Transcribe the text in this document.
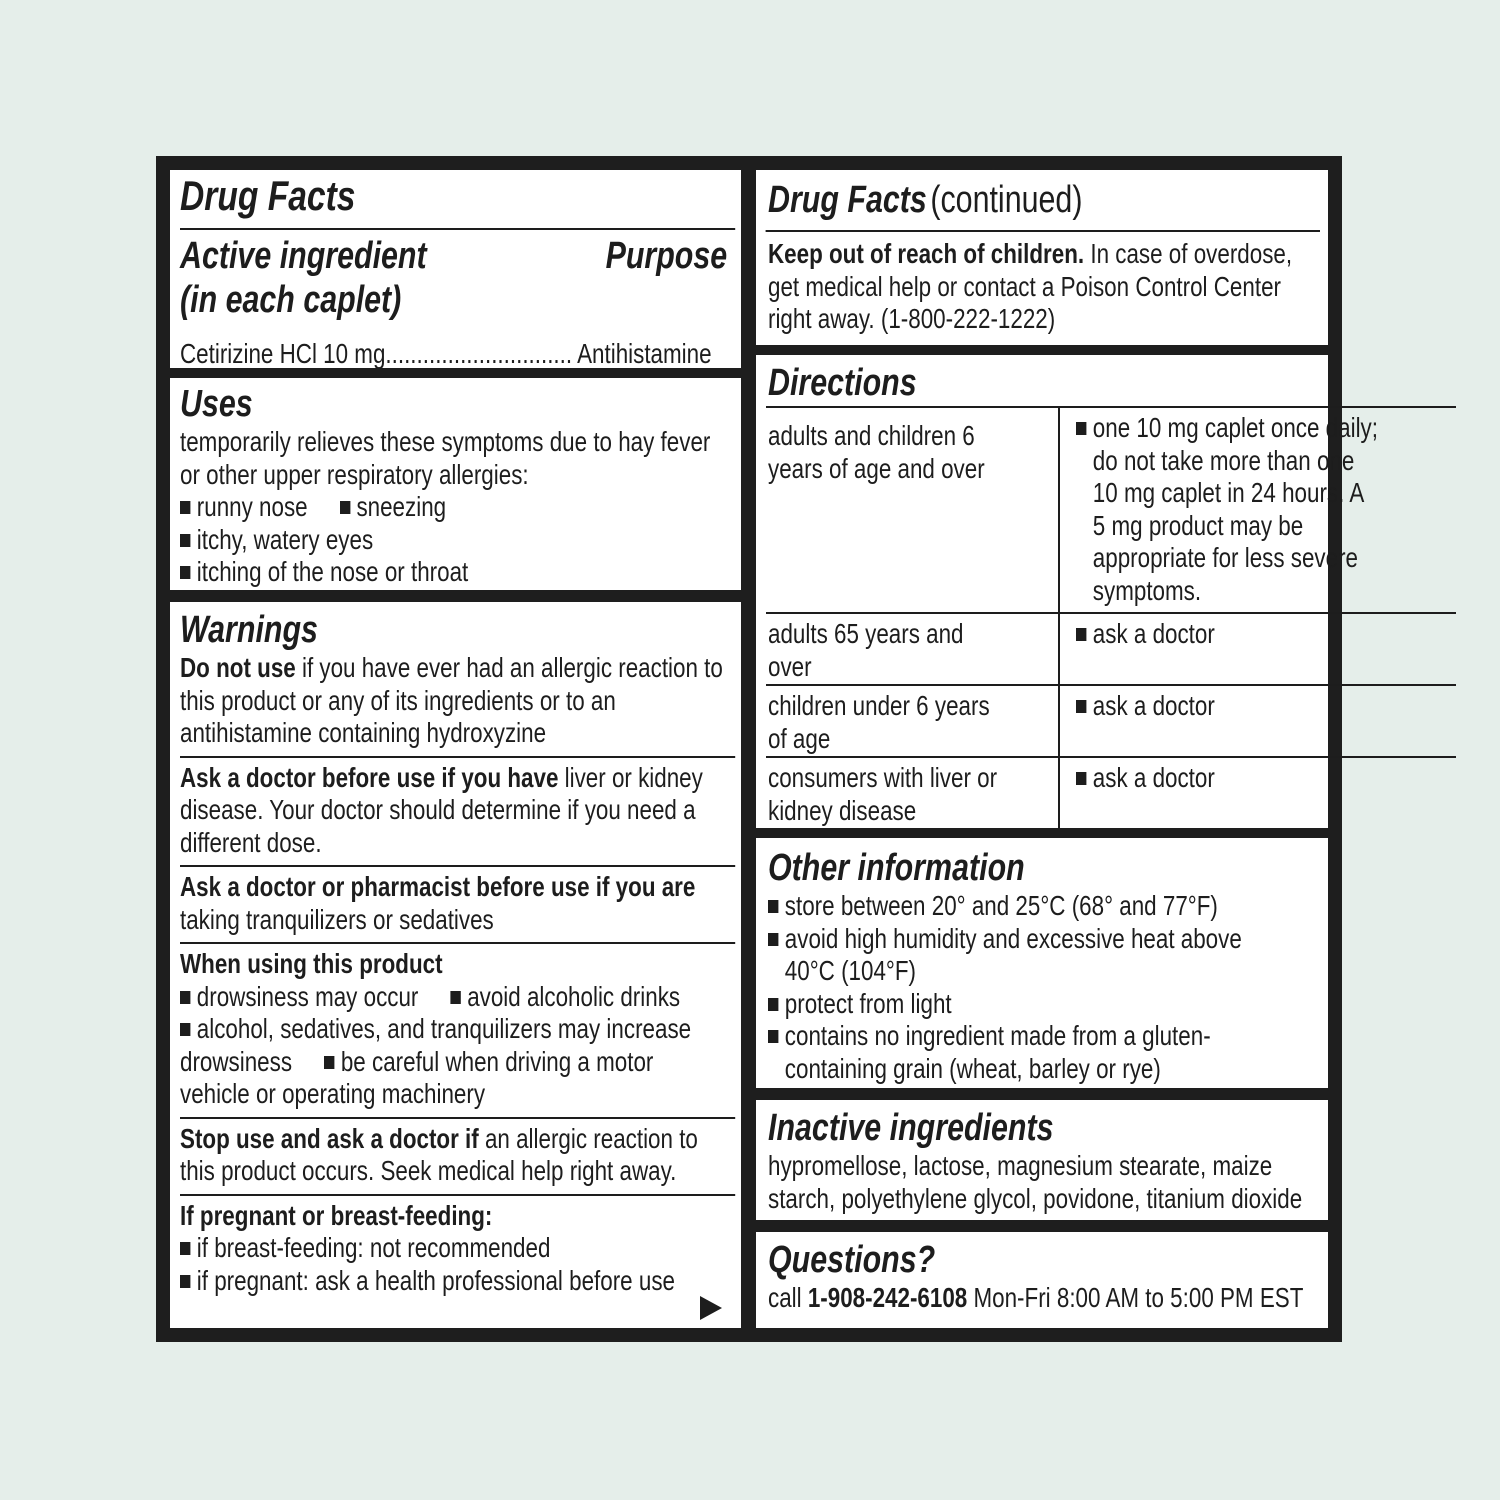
Drug Facts
Active ingredient
(in each caplet)
Purpose
Cetirizine HCl 10 mg.............................. Antihistamine
Uses
temporarily relieves these symptoms due to hay fever or other upper respiratory allergies:
runny nose sneezing
itchy, watery eyes
itching of the nose or throat
Warnings
Do not use if you have ever had an allergic reaction to this product or any of its ingredients or to an antihistamine containing hydroxyzine
Ask a doctor before use if you have liver or kidney disease. Your doctor should determine if you need a different dose.
Ask a doctor or pharmacist before use if you are
taking tranquilizers or sedatives
When using this product
drowsiness may occur avoid alcoholic drinks
alcohol, sedatives, and tranquilizers may increase drowsiness be careful when driving a motor vehicle or operating machinery
Stop use and ask a doctor if an allergic reaction to this product occurs. Seek medical help right away.
If pregnant or breast-feeding:
if breast-feeding: not recommended
if pregnant: ask a health professional before use
Drug Facts (continued)
Keep out of reach of children. In case of overdose, get medical help or contact a Poison Control Center right away. (1-800-222-1222)
Directions
adults and children 6 years of age and over	one 10 mg caplet once daily; do not take more than one 10 mg caplet in 24 hours. A 5 mg product may be appropriate for less severe symptoms.

adults 65 years and over	ask a doctor

children under 6 years of age	ask a doctor

consumers with liver or kidney disease	ask a doctor
Other information
store between 20° and 25°C (68° and 77°F)
avoid high humidity and excessive heat above 40°C (104°F)
protect from light
contains no ingredient made from a gluten-containing grain (wheat, barley or rye)
Inactive ingredients
hypromellose, lactose, magnesium stearate, maize starch, polyethylene glycol, povidone, titanium dioxide
Questions?
call 1-908-242-6108 Mon-Fri 8:00 AM to 5:00 PM EST
